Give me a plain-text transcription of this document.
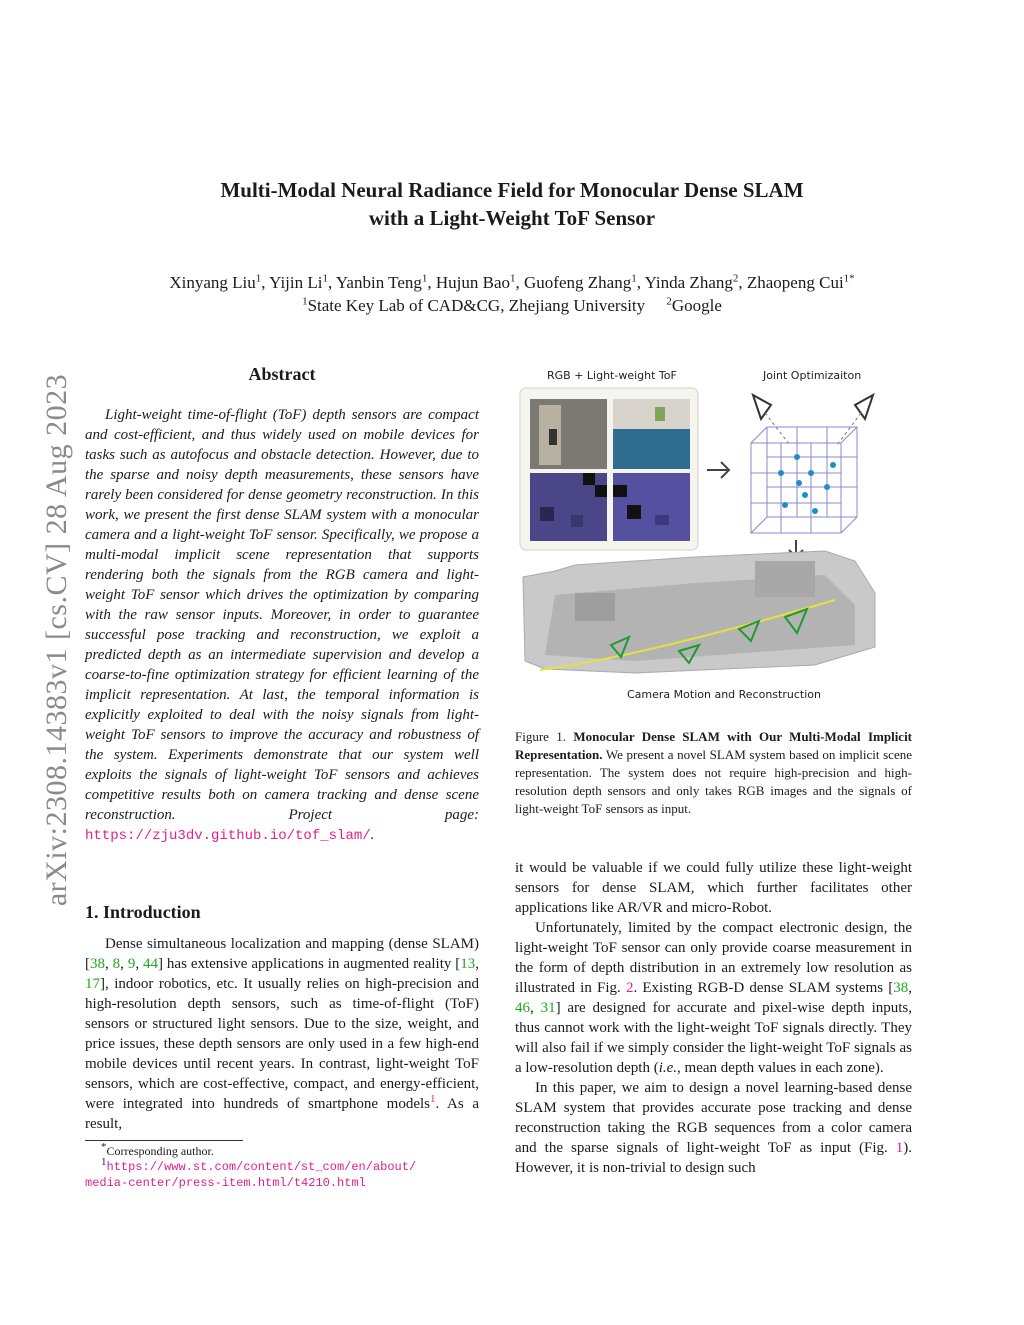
Multi-Modal Neural Radiance Field for Monocular Dense SLAM
with a Light-Weight ToF Sensor
Xinyang Liu$^1$, Yijin Li$^1$, Yanbin Teng$^1$, Hujun Bao$^1$, Guofeng Zhang$^1$, Yinda Zhang$^2$, Zhaopeng Cui$^{1*}$
$^1$State Key Lab of CAD&CG, Zhejiang University $^2$Google
arXiv:2308.14383v1 [cs.CV] 28 Aug 2023	Abstract

Light-weight time-of-flight (ToF) depth sensors are compact and cost-efficient, and thus widely used on mobile devices for tasks such as autofocus and obstacle detection. However, due to the sparse and noisy depth measurements, these sensors have rarely been considered for dense geometry reconstruction. In this work, we present the first dense SLAM system with a monocular camera and a light-weight ToF sensor. Specifically, we propose a multi-modal implicit scene representation that supports rendering both the signals from the RGB camera and light-weight ToF sensor which drives the optimization by comparing with the raw sensor inputs. Moreover, in order to guarantee successful pose tracking and reconstruction, we exploit a predicted depth as an intermediate supervision and develop a coarse-to-fine optimization strategy for efficient learning of the implicit representation. At last, the temporal information is explicitly exploited to deal with the noisy signals from light-weight ToF sensors to improve the accuracy and robustness of the system. Experiments demonstrate that our system well exploits the signals of light-weight ToF sensors and achieves competitive results both on camera tracking and dense scene reconstruction. Project page: https://zju3dv.github.io/tof_slam/.

1. Introduction

Dense simultaneous localization and mapping (dense SLAM) [38, 8, 9, 44] has extensive applications in augmented reality [13, 17], indoor robotics, etc. It usually relies on high-precision and high-resolution depth sensors, such as time-of-flight (ToF) sensors or structured light sensors. Due to the size, weight, and price issues, these depth sensors are only used in a few high-end mobile devices until recent years. In contrast, light-weight ToF sensors, which are cost-effective, compact, and energy-efficient, were integrated into hundreds of smartphone models$^1$. As a result,

*Corresponding author.
$^1$https://www.st.com/content/st_com/en/about/
media-center/press-item.html/t4210.html
RGB + Light-weight ToF	Joint Optimizaiton
Camera Motion and Reconstruction
Figure 1. Monocular Dense SLAM with Our Multi-Modal Implicit Representation. We present a novel SLAM system based on implicit scene representation. The system does not require high-precision and high-resolution depth sensors and only takes RGB images and the signals of light-weight ToF sensors as input.

it would be valuable if we could fully utilize these light-weight sensors for dense SLAM, which further facilitates other applications like AR/VR and micro-Robot.

Unfortunately, limited by the compact electronic design, the light-weight ToF sensor can only provide coarse measurement in the form of depth distribution in an extremely low resolution as illustrated in Fig. 2. Existing RGB-D dense SLAM systems [38, 46, 31] are designed for accurate and pixel-wise depth inputs, thus cannot work with the light-weight ToF signals directly. They will also fail if we simply consider the light-weight ToF signals as a low-resolution depth (i.e., mean depth values in each zone).

In this paper, we aim to design a novel learning-based dense SLAM system that provides accurate pose tracking and dense reconstruction taking the RGB sequences from a color camera and the sparse signals of light-weight ToF as input (Fig. 1). However, it is non-trivial to design such
